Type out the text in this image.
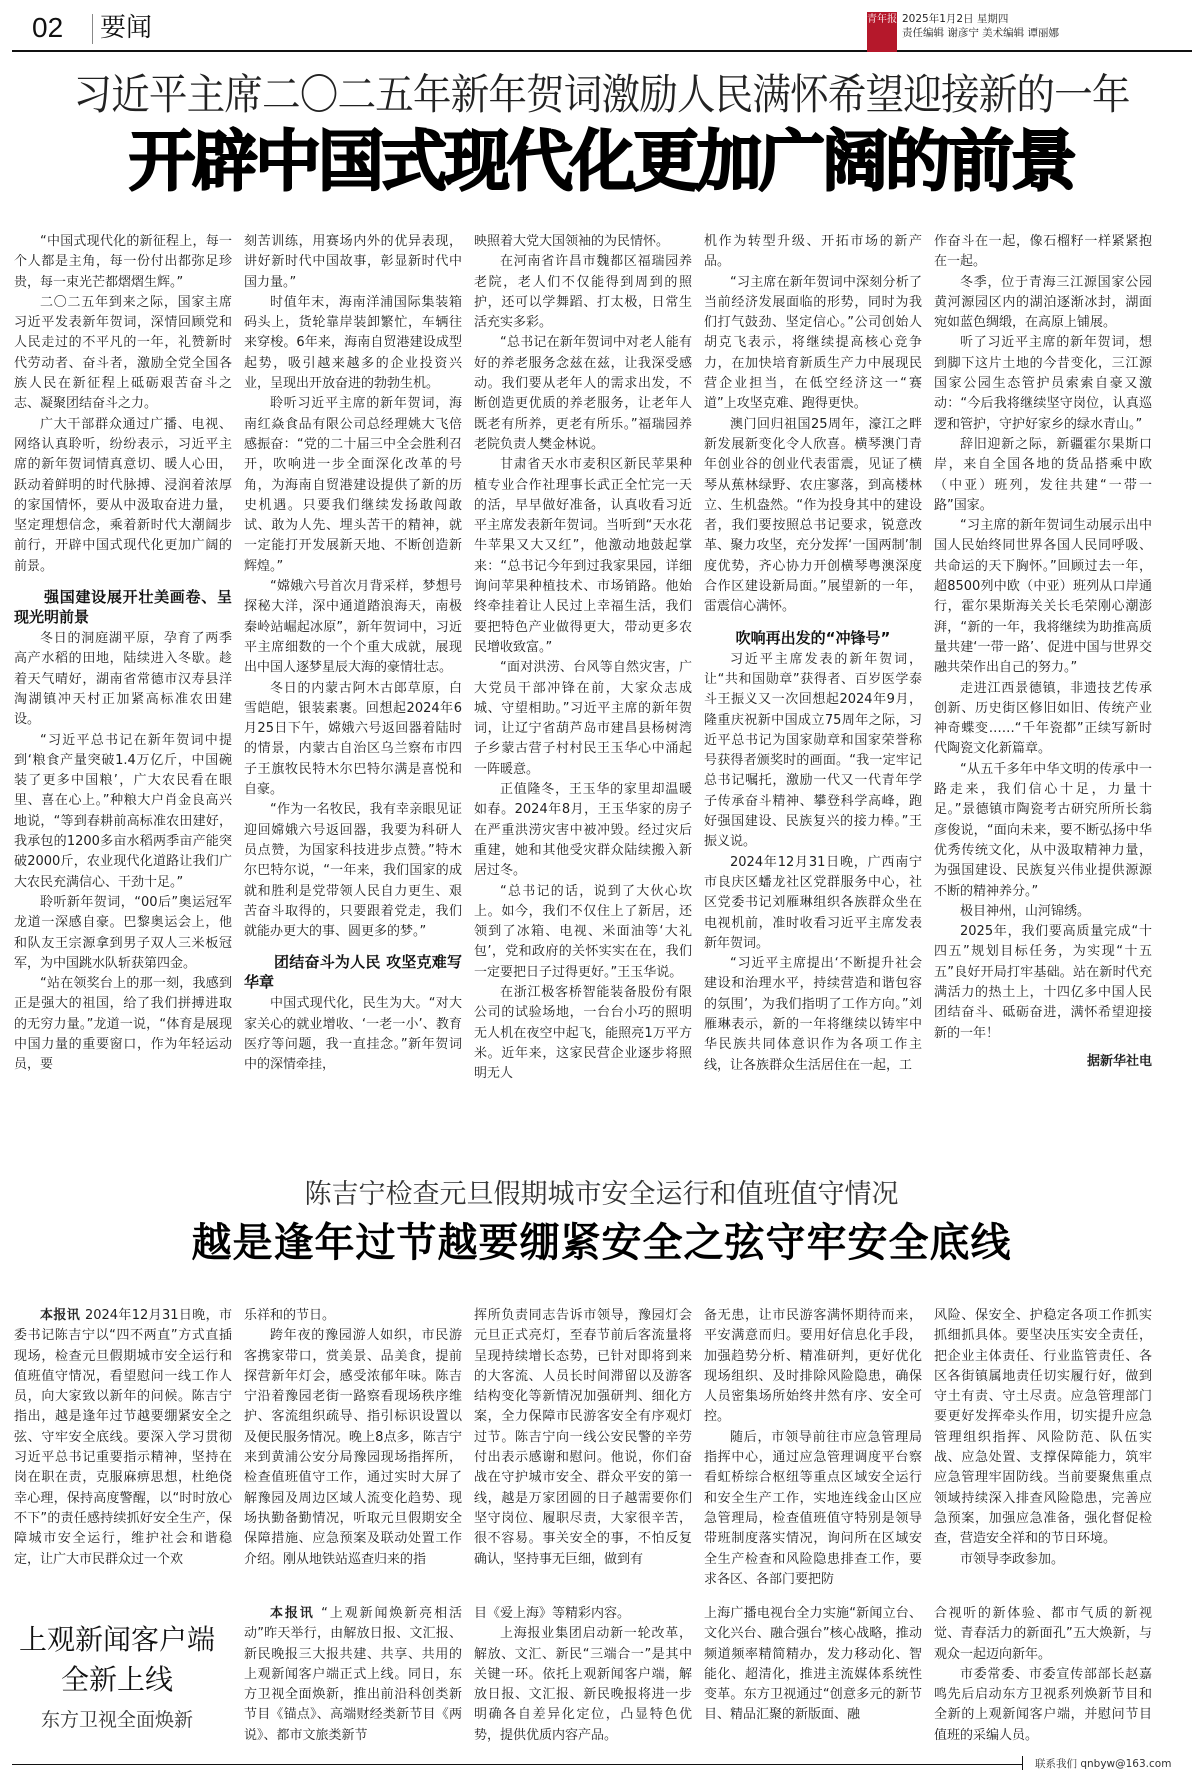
02 要闻	青年报 2025年1月2日 星期四
责任编辑 谢彦宁 美术编辑 谭丽娜
习近平主席二〇二五年新年贺词激励人民满怀希望迎接新的一年
开辟中国式现代化更加广阔的前景

“中国式现代化的新征程上，每一个人都是主角，每一份付出都弥足珍贵，每一束光芒都熠熠生辉。”

二〇二五年到来之际，国家主席习近平发表新年贺词，深情回顾党和人民走过的不平凡的一年，礼赞新时代劳动者、奋斗者，激励全党全国各族人民在新征程上砥砺艰苦奋斗之志、凝聚团结奋斗之力。

广大干部群众通过广播、电视、网络认真聆听，纷纷表示，习近平主席的新年贺词情真意切、暖人心田，跃动着鲜明的时代脉搏、浸润着浓厚的家国情怀，要从中汲取奋进力量，坚定理想信念，乘着新时代大潮阔步前行，开辟中国式现代化更加广阔的前景。

强国建设展开壮美画卷、呈现光明前景

冬日的洞庭湖平原，孕育了两季高产水稻的田地，陆续进入冬歇。趁着天气晴好，湖南省常德市汉寿县洋淘湖镇冲天村正加紧高标准农田建设。

“习近平总书记在新年贺词中提到‘粮食产量突破1.4万亿斤，中国碗装了更多中国粮’，广大农民看在眼里、喜在心上。”种粮大户肖金良高兴地说，“等到春耕前高标准农田建好，我承包的1200多亩水稻两季亩产能突破2000斤，农业现代化道路让我们广大农民充满信心、干劲十足。”

聆听新年贺词，“00后”奥运冠军龙道一深感自豪。巴黎奥运会上，他和队友王宗源拿到男子双人三米板冠军，为中国跳水队斩获第四金。

“站在领奖台上的那一刻，我感到正是强大的祖国，给了我们拼搏进取的无穷力量。”龙道一说，“体育是展现中国力量的重要窗口，作为年轻运动员，要

刻苦训练，用赛场内外的优异表现，讲好新时代中国故事，彰显新时代中国力量。”

时值年末，海南洋浦国际集装箱码头上，货轮靠岸装卸繁忙，车辆往来穿梭。6年来，海南自贸港建设成型起势，吸引越来越多的企业投资兴业，呈现出开放奋进的勃勃生机。

聆听习近平主席的新年贺词，海南红焱食品有限公司总经理姚大飞倍感振奋：“党的二十届三中全会胜利召开，吹响进一步全面深化改革的号角，为海南自贸港建设提供了新的历史机遇。只要我们继续发扬敢闯敢试、敢为人先、埋头苦干的精神，就一定能打开发展新天地、不断创造新辉煌。”

“嫦娥六号首次月背采样，梦想号探秘大洋，深中通道踏浪海天，南极秦岭站崛起冰原”，新年贺词中，习近平主席细数的一个个重大成就，展现出中国人逐梦星辰大海的豪情壮志。

冬日的内蒙古阿木古郎草原，白雪皑皑，银装素裹。回想起2024年6月25日下午，嫦娥六号返回器着陆时的情景，内蒙古自治区乌兰察布市四子王旗牧民特木尔巴特尔满是喜悦和自豪。

“作为一名牧民，我有幸亲眼见证迎回嫦娥六号返回器，我要为科研人员点赞，为国家科技进步点赞。”特木尔巴特尔说，“一年来，我们国家的成就和胜利是党带领人民自力更生、艰苦奋斗取得的，只要跟着党走，我们就能办更大的事、圆更多的梦。”

团结奋斗为人民 攻坚克难写华章

中国式现代化，民生为大。“对大家关心的就业增收、‘一老一小’、教育医疗等问题，我一直挂念。”新年贺词中的深情牵挂，

映照着大党大国领袖的为民情怀。

在河南省许昌市魏都区福瑞园养老院，老人们不仅能得到周到的照护，还可以学舞蹈、打太极，日常生活充实多彩。

“总书记在新年贺词中对老人能有好的养老服务念兹在兹，让我深受感动。我们要从老年人的需求出发，不断创造更优质的养老服务，让老年人既老有所养，更老有所乐。”福瑞园养老院负责人樊金林说。

甘肃省天水市麦积区新民苹果种植专业合作社理事长武正全忙完一天的活，早早做好准备，认真收看习近平主席发表新年贺词。当听到“天水花牛苹果又大又红”，他激动地鼓起掌来：“总书记今年到过我家果园，详细询问苹果种植技术、市场销路。他始终牵挂着让人民过上幸福生活，我们要把特色产业做得更大，带动更多农民增收致富。”

“面对洪涝、台风等自然灾害，广大党员干部冲锋在前，大家众志成城、守望相助。”习近平主席的新年贺词，让辽宁省葫芦岛市建昌县杨树湾子乡蒙古营子村村民王玉华心中涌起一阵暖意。

正值隆冬，王玉华的家里却温暖如春。2024年8月，王玉华家的房子在严重洪涝灾害中被冲毁。经过灾后重建，她和其他受灾群众陆续搬入新居过冬。

“总书记的话，说到了大伙心坎上。如今，我们不仅住上了新居，还领到了冰箱、电视、米面油等‘大礼包’，党和政府的关怀实实在在，我们一定要把日子过得更好。”王玉华说。

在浙江极客桥智能装备股份有限公司的试验场地，一台台小巧的照明无人机在夜空中起飞，能照亮1万平方米。近年来，这家民营企业逐步将照明无人

机作为转型升级、开拓市场的新产品。

“习主席在新年贺词中深刻分析了当前经济发展面临的形势，同时为我们打气鼓劲、坚定信心。”公司创始人胡克飞表示，将继续提高核心竞争力，在加快培育新质生产力中展现民营企业担当，在低空经济这一“赛道”上攻坚克难、跑得更快。

澳门回归祖国25周年，濠江之畔新发展新变化令人欣喜。横琴澳门青年创业谷的创业代表雷震，见证了横琴从蕉林绿野、农庄寥落，到高楼林立、生机盎然。“作为投身其中的建设者，我们要按照总书记要求，锐意改革、聚力攻坚，充分发挥‘一国两制’制度优势，齐心协力开创横琴粤澳深度合作区建设新局面。”展望新的一年，雷震信心满怀。

吹响再出发的“冲锋号”

习近平主席发表的新年贺词，让“共和国勋章”获得者、百岁医学泰斗王振义又一次回想起2024年9月，隆重庆祝新中国成立75周年之际，习近平总书记为国家勋章和国家荣誉称号获得者颁奖时的画面。“我一定牢记总书记嘱托，激励一代又一代青年学子传承奋斗精神、攀登科学高峰，跑好强国建设、民族复兴的接力棒。”王振义说。

2024年12月31日晚，广西南宁市良庆区蟠龙社区党群服务中心，社区党委书记刘雁琳组织各族群众坐在电视机前，准时收看习近平主席发表新年贺词。

“习近平主席提出‘不断提升社会建设和治理水平，持续营造和谐包容的氛围’，为我们指明了工作方向。”刘雁琳表示，新的一年将继续以铸牢中华民族共同体意识作为各项工作主线，让各族群众生活居住在一起，工

作奋斗在一起，像石榴籽一样紧紧抱在一起。

冬季，位于青海三江源国家公园黄河源园区内的湖泊逐渐冰封，湖面宛如蓝色绸缎，在高原上铺展。

听了习近平主席的新年贺词，想到脚下这片土地的今昔变化，三江源国家公园生态管护员索索自豪又激动：“今后我将继续坚守岗位，认真巡逻和管护，守护好家乡的绿水青山。”

辞旧迎新之际，新疆霍尔果斯口岸，来自全国各地的货品搭乘中欧（中亚）班列，发往共建“一带一路”国家。

“习主席的新年贺词生动展示出中国人民始终同世界各国人民同呼吸、共命运的天下胸怀。”回顾过去一年，超8500列中欧（中亚）班列从口岸通行，霍尔果斯海关关长毛荣刚心潮澎湃，“新的一年，我将继续为助推高质量共建‘一带一路’、促进中国与世界交融共荣作出自己的努力。”

走进江西景德镇，非遗技艺传承创新、历史街区修旧如旧、传统产业神奇蝶变……“千年瓷都”正续写新时代陶瓷文化新篇章。

“从五千多年中华文明的传承中一路走来，我们信心十足，力量十足。”景德镇市陶瓷考古研究所所长翁彦俊说，“面向未来，要不断弘扬中华优秀传统文化，从中汲取精神力量，为强国建设、民族复兴伟业提供源源不断的精神养分。”

极目神州，山河锦绣。

2025年，我们要高质量完成“十四五”规划目标任务，为实现“十五五”良好开局打牢基础。站在新时代充满活力的热土上，十四亿多中国人民团结奋斗、砥砺奋进，满怀希望迎接新的一年！

据新华社电

陈吉宁检查元旦假期城市安全运行和值班值守情况
越是逢年过节越要绷紧安全之弦守牢安全底线

本报讯 2024年12月31日晚，市委书记陈吉宁以“四不两直”方式直插现场，检查元旦假期城市安全运行和值班值守情况，看望慰问一线工作人员，向大家致以新年的问候。陈吉宁指出，越是逢年过节越要绷紧安全之弦、守牢安全底线。要深入学习贯彻习近平总书记重要指示精神，坚持在岗在职在责，克服麻痹思想，杜绝侥幸心理，保持高度警醒，以“时时放心不下”的责任感持续抓好安全生产，保障城市安全运行，维护社会和谐稳定，让广大市民群众过一个欢

乐祥和的节日。

跨年夜的豫园游人如织，市民游客携家带口，赏美景、品美食，提前探营新年灯会，感受浓郁年味。陈吉宁沿着豫园老街一路察看现场秩序维护、客流组织疏导、指引标识设置以及便民服务情况。晚上8点多，陈吉宁来到黄浦公安分局豫园现场指挥所，检查值班值守工作，通过实时大屏了解豫园及周边区域人流变化趋势、现场执勤备勤情况，听取元旦假期安全保障措施、应急预案及联动处置工作介绍。刚从地铁站巡查归来的指

挥所负责同志告诉市领导，豫园灯会元旦正式亮灯，至春节前后客流量将呈现持续增长态势，已针对即将到来的大客流、人员长时间滞留以及游客结构变化等新情况加强研判、细化方案，全力保障市民游客安全有序观灯过节。陈吉宁向一线公安民警的辛劳付出表示感谢和慰问。他说，你们奋战在守护城市安全、群众平安的第一线，越是万家团圆的日子越需要你们坚守岗位、履职尽责，大家很辛苦，很不容易。事关安全的事，不怕反复确认，坚持事无巨细，做到有

备无患，让市民游客满怀期待而来，平安满意而归。要用好信息化手段，加强趋势分析、精准研判，更好优化现场组织、及时排除风险隐患，确保人员密集场所始终井然有序、安全可控。

随后，市领导前往市应急管理局指挥中心，通过应急管理调度平台察看虹桥综合枢纽等重点区域安全运行和安全生产工作，实地连线金山区应急管理局，检查值班值守特别是领导带班制度落实情况，询问所在区域安全生产检查和风险隐患排查工作，要求各区、各部门要把防

风险、保安全、护稳定各项工作抓实抓细抓具体。要坚决压实安全责任，把企业主体责任、行业监管责任、各区各街镇属地责任切实履行好，做到守土有责、守土尽责。应急管理部门要更好发挥牵头作用，切实提升应急管理组织指挥、风险防范、队伍实战、应急处置、支撑保障能力，筑牢应急管理牢固防线。当前要聚焦重点领域持续深入排查风险隐患，完善应急预案，加强应急准备，强化督促检查，营造安全祥和的节日环境。

市领导李政参加。

上观新闻客户端
全新上线
东方卫视全面焕新

本报讯 “上观新闻焕新亮相活动”昨天举行，由解放日报、文汇报、新民晚报三大报共建、共享、共用的上观新闻客户端正式上线。同日，东方卫视全面焕新，推出前沿科创类新节目《锚点》、高端财经类新节目《两说》、都市文旅类新节

目《爱上海》等精彩内容。

上海报业集团启动新一轮改革，解放、文汇、新民“三端合一”是其中关键一环。依托上观新闻客户端，解放日报、文汇报、新民晚报将进一步明确各自差异化定位，凸显特色优势，提供优质内容产品。

上海广播电视台全力实施“新闻立台、文化兴台、融合强台”核心战略，推动频道频率精简精办，发力移动化、智能化、超清化，推进主流媒体系统性变革。东方卫视通过“创意多元的新节目、精品汇聚的新版面、融

合视听的新体验、都市气质的新视觉、青春活力的新面孔”五大焕新，与观众一起迈向新年。

市委常委、市委宣传部部长赵嘉鸣先后启动东方卫视系列焕新节目和全新的上观新闻客户端，并慰问节目值班的采编人员。

联系我们 qnbyw@163.com
